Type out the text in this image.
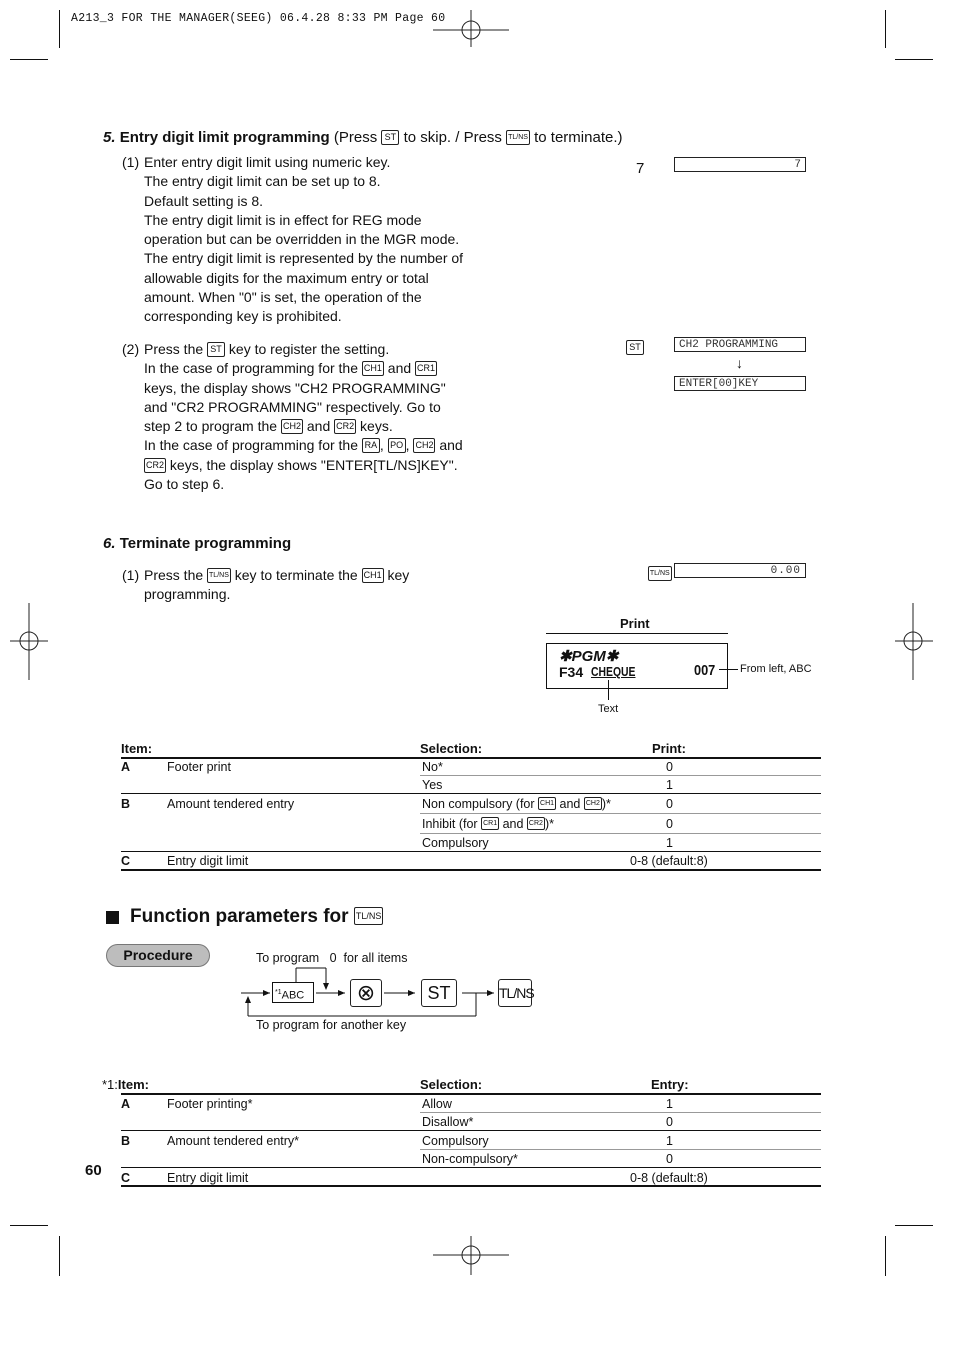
A213_3 FOR THE MANAGER(SEEG) 06.4.28 8:33 PM Page 60
5. Entry digit limit programming (Press ST to skip. / Press TL/NS to terminate.)
(1) Enter entry digit limit using numeric key.
The entry digit limit can be set up to 8.
Default setting is 8.
The entry digit limit is in effect for REG mode
operation but can be overridden in the MGR mode.
The entry digit limit is represented by the number of
allowable digits for the maximum entry or total
amount. When "0" is set, the operation of the
corresponding key is prohibited.
7	7
(2) Press the ST key to register the setting.
In the case of programming for the CH1 and CR1
keys, the display shows "CH2 PROGRAMMING"
and "CR2 PROGRAMMING" respectively. Go to
step 2 to program the CH2 and CR2 keys.
In the case of programming for the RA , PO , CH2 and
CR2 keys, the display shows "ENTER[TL/NS]KEY".
Go to step 6.
ST	CH2 PROGRAMMING
↓
ENTER[00]KEY
6. Terminate programming
(1) Press the TL/NS key to terminate the CH1 key
programming.
TL/NS	0.00
Print
✱PGM✱
F34 CHEQUE	007 From left, ABC
Text
Item:	Selection:	Print:
A	Footer print	No*	0
Yes	1
B	Amount tendered entry	Non compulsory (for CH1 and CH2 )*	0
Inhibit (for CR1 and CR2 )*	0
Compulsory	1
C	Entry digit limit	0-8 (default:8)
Function parameters for TL/NS
Procedure	To program   0  for all items
$^{*1}$ABC	⊗	ST	TL/NS
To program for another key
*1:Item:	Selection:	Entry:
A	Footer printing*	Allow	1
Disallow*	0
B	Amount tendered entry*	Compulsory	1
Non-compulsory*	0
C	Entry digit limit	0-8 (default:8)
60
